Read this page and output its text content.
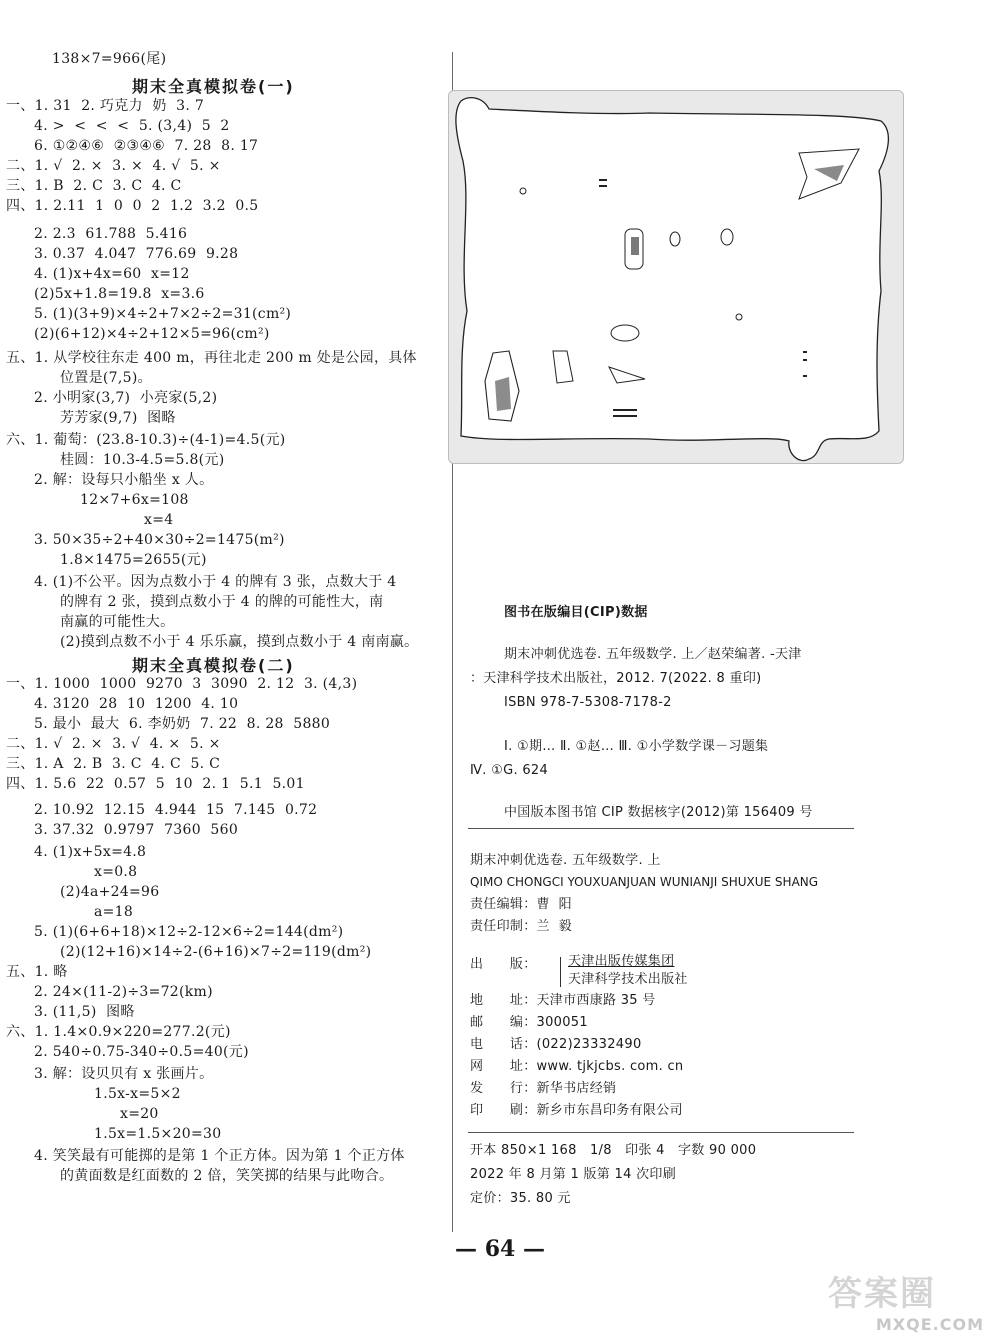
138×7=966(尾)
期末全真模拟卷(一)
一、1. 31  2. 巧克力  奶  3. 7
4. >  <  <  <  5. (3,4)  5  2
6. ①②④⑥  ②③④⑥  7. 28  8. 17
二、1. √  2. ×  3. ×  4. √  5. ×
三、1. B  2. C  3. C  4. C
四、1. 2.11  1  0  0  2  1.2  3.2  0.5
2. 2.3  61.788  5.416
3. 0.37  4.047  776.69  9.28
4. (1)x+4x=60  x=12
(2)5x+1.8=19.8  x=3.6
5. (1)(3+9)×4÷2+7×2÷2=31(cm²)
(2)(6+12)×4÷2+12×5=96(cm²)
五、1. 从学校往东走 400 m，再往北走 200 m 处是公园，具体
位置是(7,5)。
2. 小明家(3,7)  小亮家(5,2)
芳芳家(9,7)  图略
六、1. 葡萄：(23.8-10.3)÷(4-1)=4.5(元)
桂圆：10.3-4.5=5.8(元)
2. 解：设每只小船坐 x 人。
12×7+6x=108
x=4
3. 50×35÷2+40×30÷2=1475(m²)
1.8×1475=2655(元)
4. (1)不公平。因为点数小于 4 的牌有 3 张，点数大于 4
的牌有 2 张，摸到点数小于 4 的牌的可能性大，南
南赢的可能性大。
(2)摸到点数不小于 4 乐乐赢，摸到点数小于 4 南南赢。
期末全真模拟卷(二)
一、1. 1000  1000  9270  3  3090  2. 12  3. (4,3)
4. 3120  28  10  1200  4. 10
5. 最小  最大  6. 李奶奶  7. 22  8. 28  5880
二、1. √  2. ×  3. √  4. ×  5. ×
三、1. A  2. B  3. C  4. C  5. C
四、1. 5.6  22  0.57  5  10  2. 1  5.1  5.01
2. 10.92  12.15  4.944  15  7.145  0.72
3. 37.32  0.9797  7360  560
4. (1)x+5x=4.8
x=0.8
(2)4a+24=96
a=18
5. (1)(6+6+18)×12÷2-12×6÷2=144(dm²)
(2)(12+16)×14÷2-(6+16)×7÷2=119(dm²)
五、1. 略
2. 24×(11-2)÷3=72(km)
3. (11,5)  图略
六、1. 1.4×0.9×220=277.2(元)
2. 540÷0.75-340÷0.5=40(元)
3. 解：设贝贝有 x 张画片。
1.5x-x=5×2
x=20
1.5x=1.5×20=30
4. 笑笑最有可能掷的是第 1 个正方体。因为第 1 个正方体
的黄面数是红面数的 2 倍，笑笑掷的结果与此吻合。
图书在版编目(CIP)数据
期末冲刺优选卷. 五年级数学. 上／赵荣编著. -天津
：天津科学技术出版社，2012. 7(2022. 8 重印)
ISBN 978-7-5308-7178-2
Ⅰ. ①期… Ⅱ. ①赵… Ⅲ. ①小学数学课－习题集
Ⅳ. ①G. 624
中国版本图书馆 CIP 数据核字(2012)第 156409 号
期末冲刺优选卷. 五年级数学. 上
QIMO CHONGCI YOUXUANJUAN WUNIANJI SHUXUE SHANG
责任编辑：曹  阳
责任印制：兰  毅
出      版： 天津出版传媒集团
天津科学技术出版社
地      址：天津市西康路 35 号
邮      编：300051
电      话：(022)23332490
网      址：www. tjkjcbs. com. cn
发      行：新华书店经销
印      刷：新乡市东昌印务有限公司
开本 850×1 168   1/8   印张 4   字数 90 000
2022 年 8 月第 1 版第 14 次印刷
定价：35. 80 元
— 64 —
答案圈
MXQE.COM
